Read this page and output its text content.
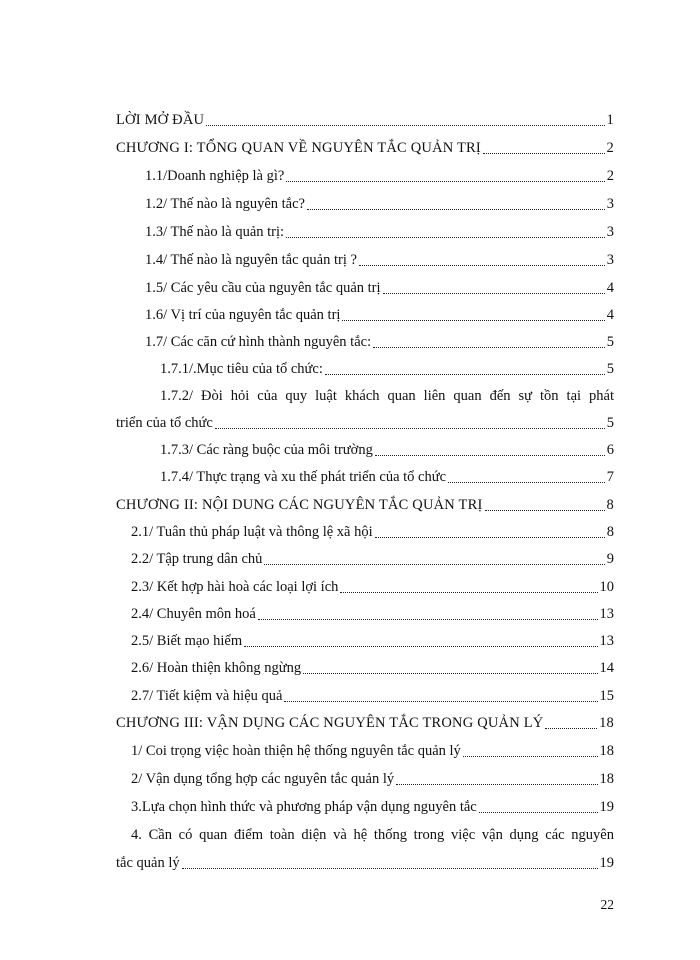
LỜI MỞ ĐẦU	1
CHƯƠNG I: TỔNG QUAN VỀ NGUYÊN TẮC QUẢN TRỊ	2
1.1/Doanh nghiệp là gì?	2
1.2/ Thế nào là nguyên tắc?	3
1.3/ Thế nào là quản trị:	3
1.4/ Thế nào là nguyên tắc quản trị ?	3
1.5/ Các yêu cầu của nguyên tắc quản trị	4
1.6/ Vị trí của nguyên tắc quản trị	4
1.7/ Các căn cứ hình thành nguyên tắc:	5
1.7.1/.Mục tiêu của tổ chức:	5
1.7.2/ Đòi hỏi của quy luật khách quan liên quan đến sự tồn tại phát
triển của tổ chức	5
1.7.3/ Các ràng buộc của môi trường	6
1.7.4/ Thực trạng và xu thế phát triển của tổ chức	7
CHƯƠNG II: NỘI DUNG CÁC NGUYÊN TẮC QUẢN TRỊ	8
2.1/ Tuân thủ pháp luật và thông lệ xã hội	8
2.2/ Tập trung dân chủ	9
2.3/ Kết hợp hài hoà các loại lợi ích	10
2.4/ Chuyên môn hoá	13
2.5/ Biết mạo hiểm	13
2.6/ Hoàn thiện không ngừng	14
2.7/ Tiết kiệm và hiệu quả	15
CHƯƠNG III: VẬN DỤNG CÁC NGUYÊN TẮC TRONG QUẢN LÝ	18
1/ Coi trọng việc hoàn thiện hệ thống nguyên tắc quản lý	18
2/ Vận dụng tổng hợp các nguyên tắc quản lý	18
3.Lựa chọn hình thức và phương pháp vận dụng nguyên tắc	19
4. Cần có quan điểm toàn diện và hệ thống trong việc vận dụng các nguyên
tắc quản lý	19
22
